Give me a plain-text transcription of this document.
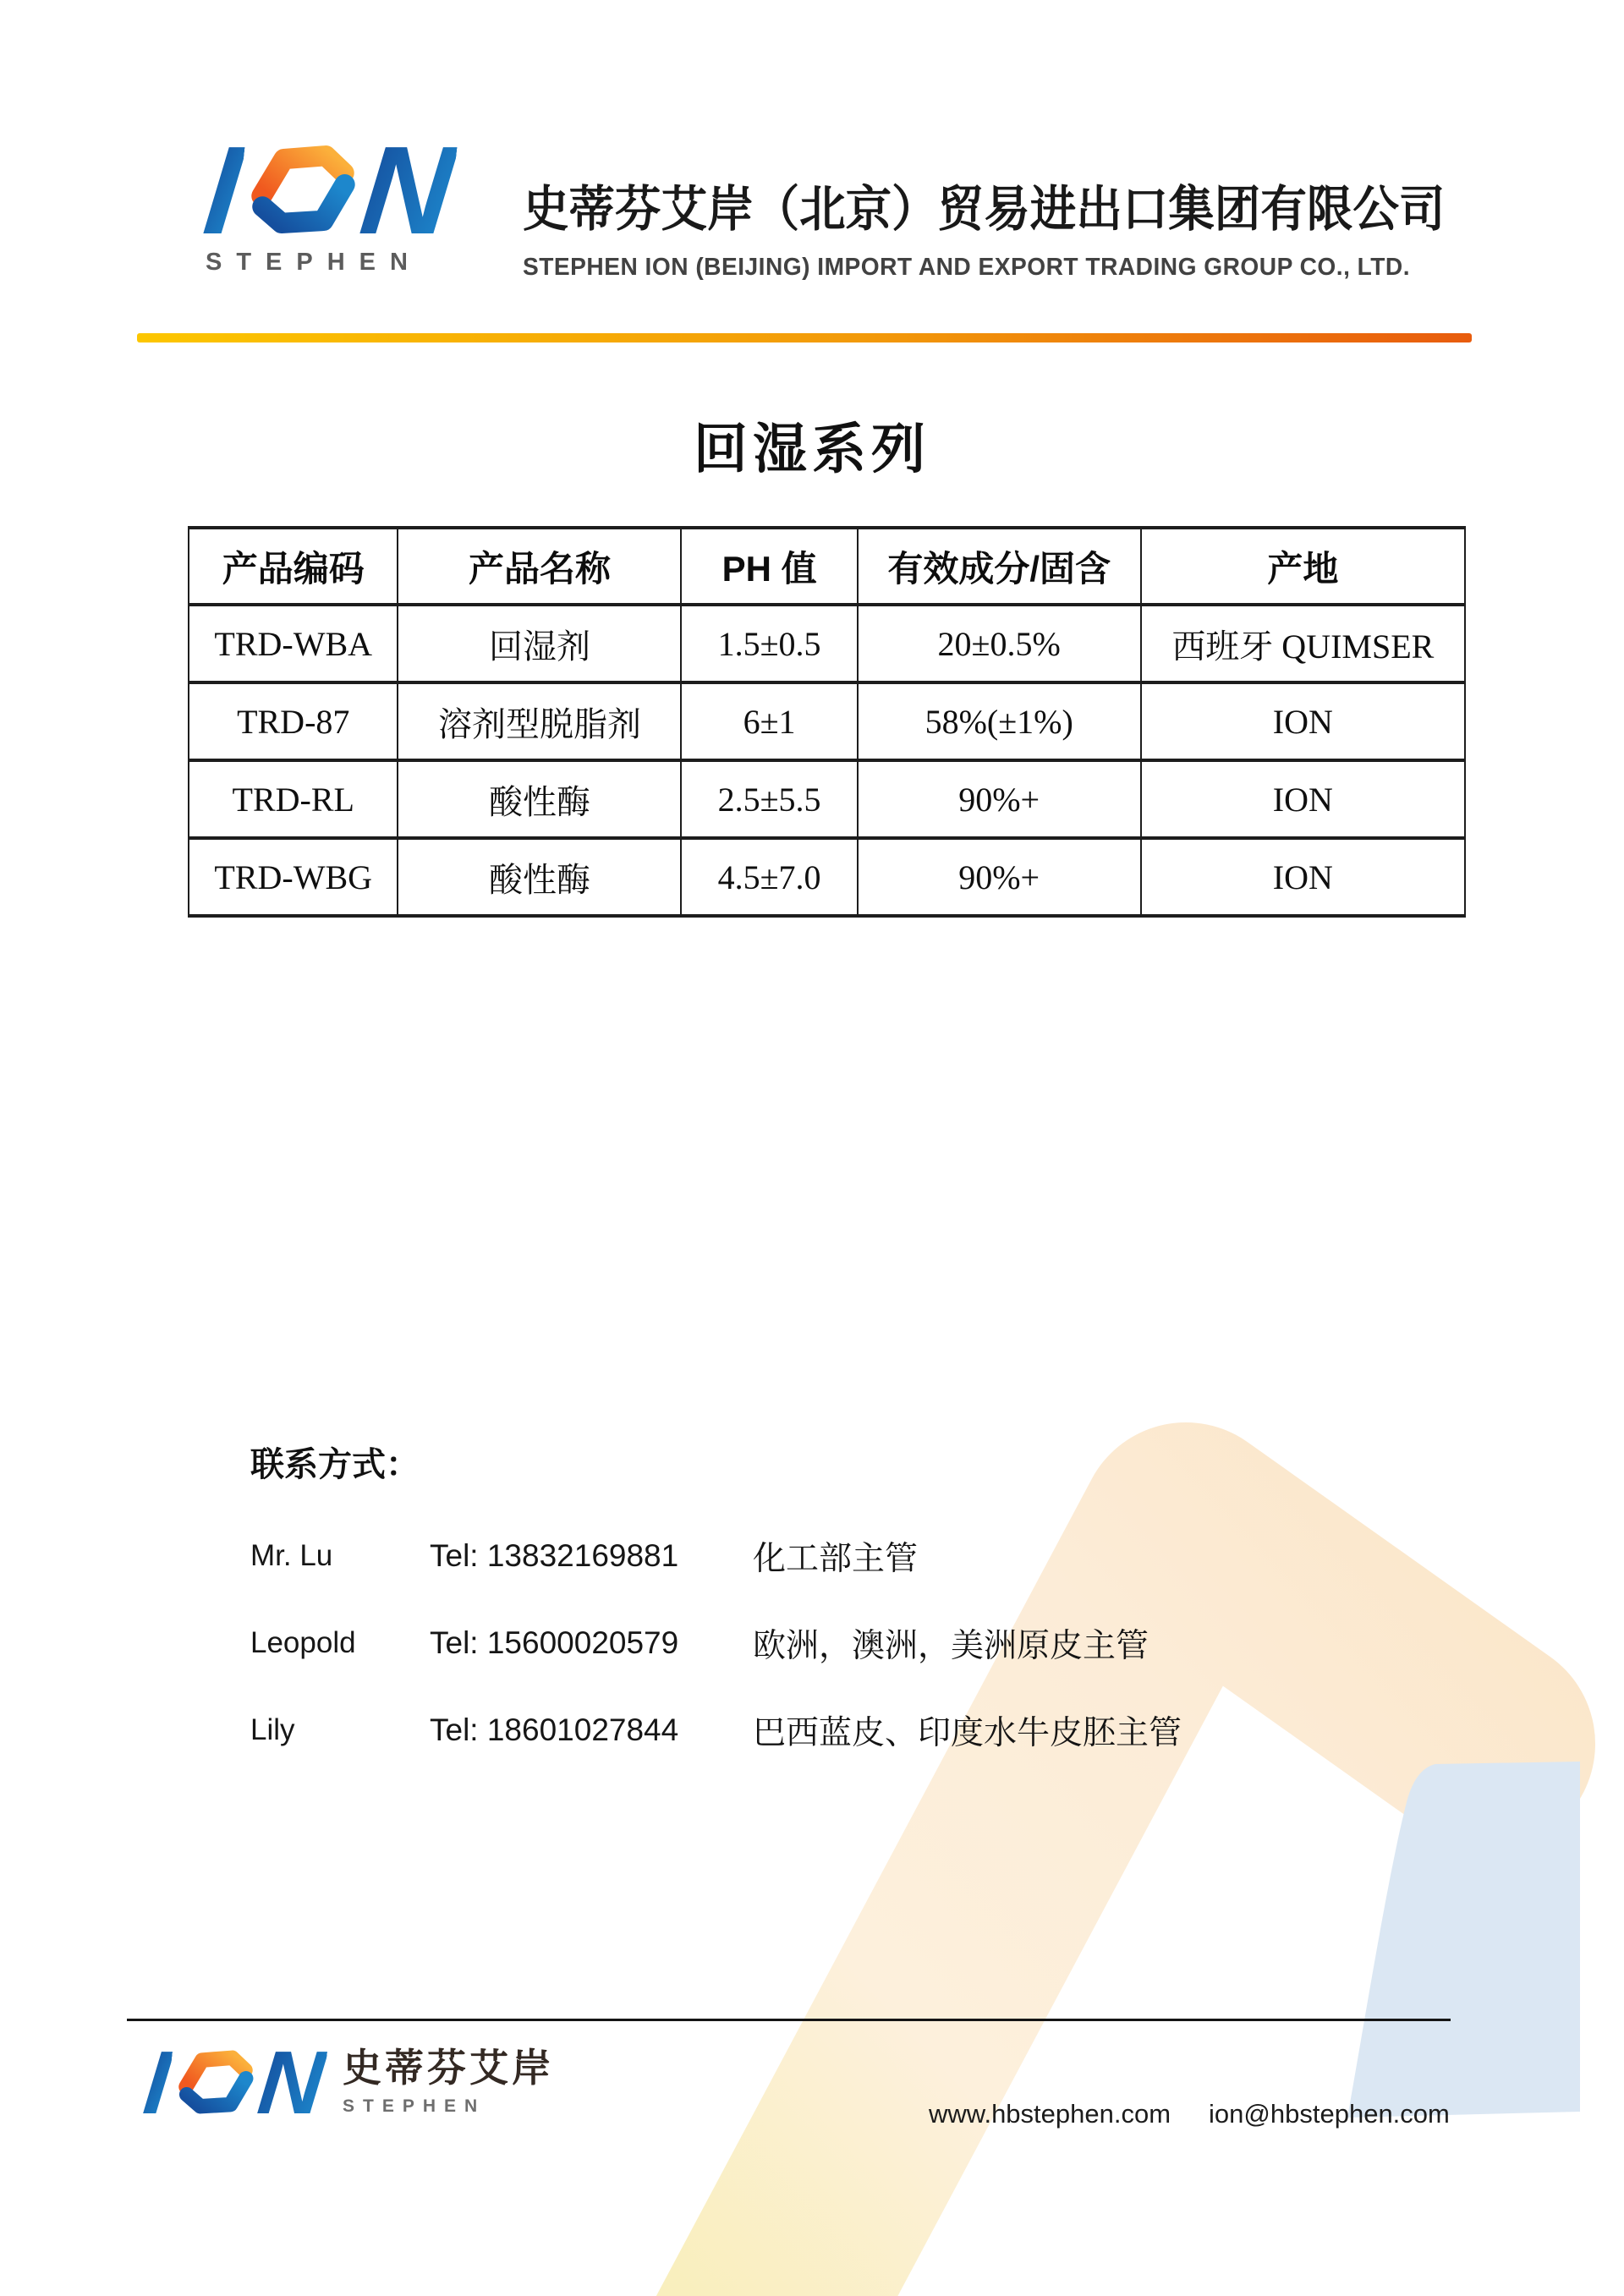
I N
STEPHEN
史蒂芬艾岸（北京）贸易进出口集团有限公司
STEPHEN ION (BEIJING) IMPORT AND EXPORT TRADING GROUP CO., LTD.
回湿系列
产品编码	产品名称	PH 值	有效成分/固含	产地
TRD-WBA	回湿剂	1.5±0.5	20±0.5%	西班牙 QUIMSER
TRD-87	溶剂型脱脂剂	6±1	58%(±1%)	ION
TRD-RL	酸性酶	2.5±5.5	90%+	ION
TRD-WBG	酸性酶	4.5±7.0	90%+	ION
联系方式：
Mr. Lu	Tel: 13832169881	化工部主管
Leopold	Tel: 15600020579	欧洲，澳洲，美洲原皮主管
Lily	Tel: 18601027844	巴西蓝皮、印度水牛皮胚主管
I N 史蒂芬艾岸
STEPHEN	www.hbstephen.com ion@hbstephen.com
